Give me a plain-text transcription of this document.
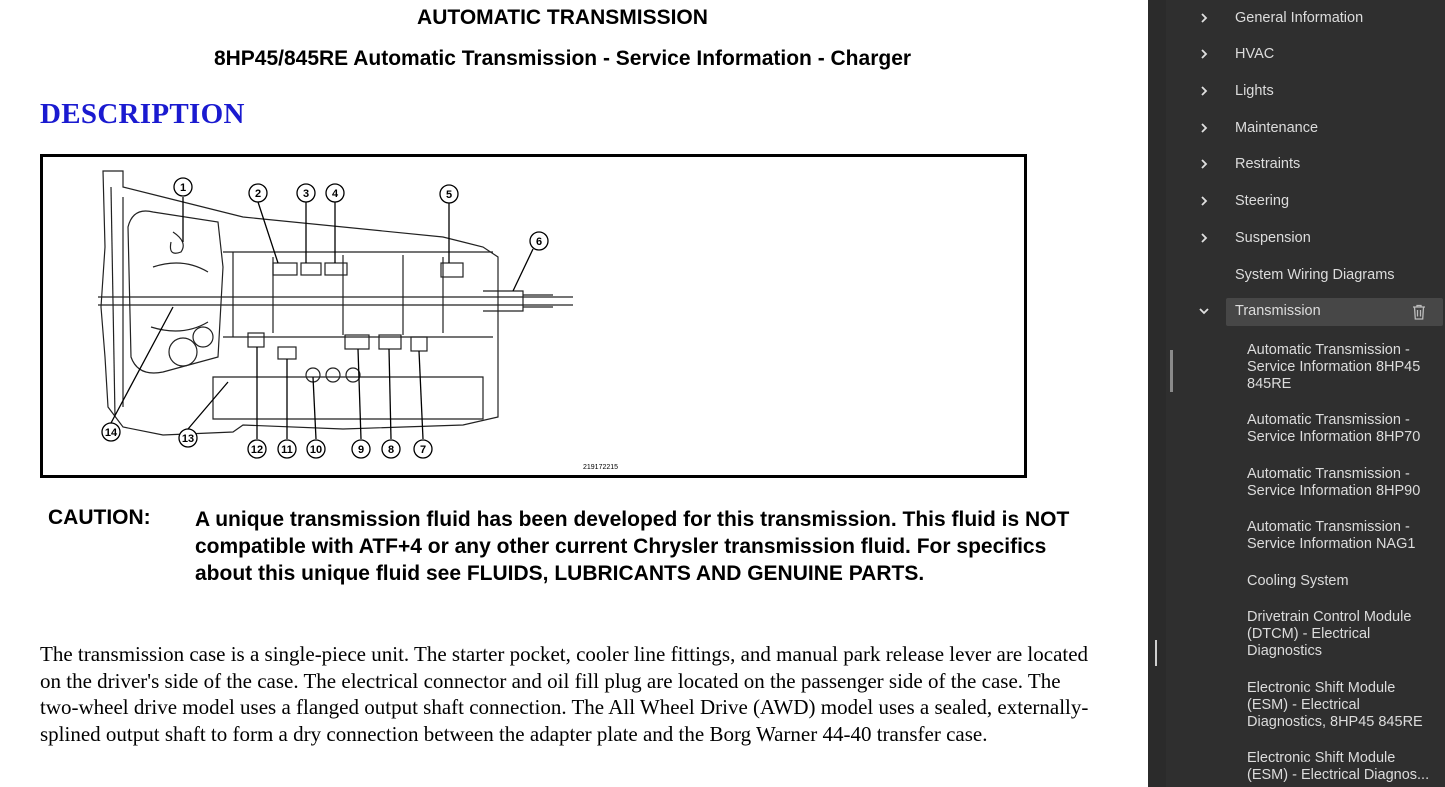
AUTOMATIC TRANSMISSION
8HP45/845RE Automatic Transmission - Service Information - Charger
DESCRIPTION
1	2	3 4	5
6
7
8
9
10
11
12
13
14
219172215
CAUTION: A unique transmission fluid has been developed for this transmission. This fluid is NOT compatible with ATF+4 or any other current Chrysler transmission fluid. For specifics about this unique fluid see FLUIDS, LUBRICANTS AND GENUINE PARTS.
The transmission case is a single-piece unit. The starter pocket, cooler line fittings, and manual park release lever are located on the driver's side of the case. The electrical connector and oil fill plug are located on the passenger side of the case. The two-wheel drive model uses a flanged output shaft connection. The All Wheel Drive (AWD) model uses a sealed, externally-splined output shaft to form a dry connection between the adapter plate and the Borg Warner 44-40 transfer case.
General Information
HVAC
Lights
Maintenance
Restraints
Steering
Suspension
System Wiring Diagrams
Transmission
Automatic Transmission - Service Information 8HP45 845RE
Automatic Transmission - Service Information 8HP70
Automatic Transmission - Service Information 8HP90
Automatic Transmission - Service Information NAG1
Cooling System
Drivetrain Control Module (DTCM) - Electrical Diagnostics
Electronic Shift Module (ESM) - Electrical Diagnostics, 8HP45 845RE
Electronic Shift Module
(ESM) - Electrical Diagnos...
